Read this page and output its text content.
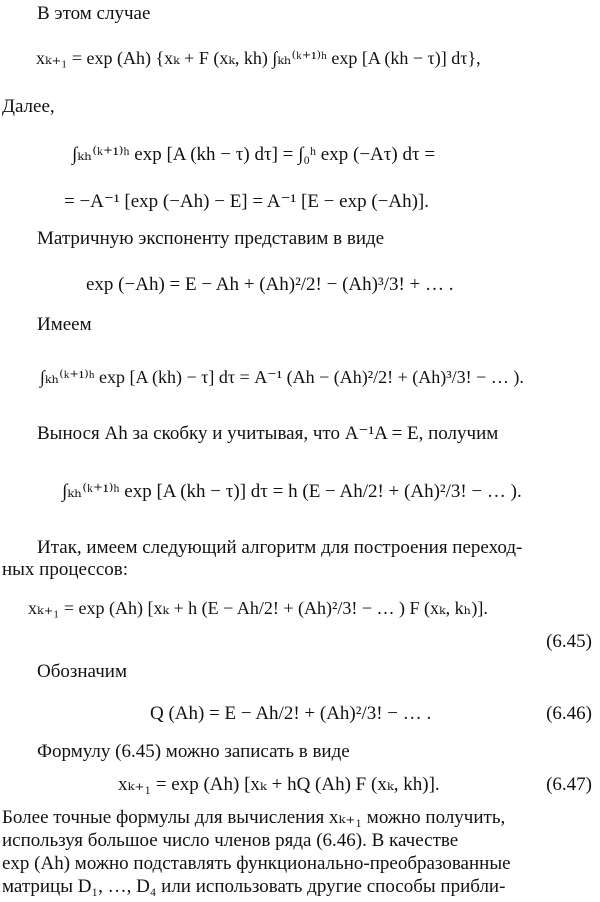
В этом случае
xₖ₊₁ = exp (Ah) {xₖ + F (xₖ, kh) ∫ₖₕ⁽ᵏ⁺¹⁾ʰ exp [A (kh − τ)] dτ},
Далее,
∫ₖₕ⁽ᵏ⁺¹⁾ʰ exp [A (kh − τ) dτ] = ∫₀ʰ exp (−Aτ) dτ =
= −A⁻¹ [exp (−Ah) − E] = A⁻¹ [E − exp (−Ah)].
Матричную экспоненту представим в виде
exp (−Ah) = E − Ah + (Ah)²/2! − (Ah)³/3! + … .
Имеем
∫ₖₕ⁽ᵏ⁺¹⁾ʰ exp [A (kh) − τ] dτ = A⁻¹ (Ah − (Ah)²/2! + (Ah)³/3! − … ).
Вынося Ah за скобку и учитывая, что A⁻¹A = E, получим
∫ₖₕ⁽ᵏ⁺¹⁾ʰ exp [A (kh − τ)] dτ = h (E − Ah/2! + (Ah)²/3! − … ).
Итак, имеем следующий алгоритм для построения переход-
ных процессов:
xₖ₊₁ = exp (Ah) [xₖ + h (E − Ah/2! + (Ah)²/3! − … ) F (xₖ, kₕ)].
(6.45)
Обозначим
Q (Ah) = E − Ah/2! + (Ah)²/3! − … .	(6.46)
Формулу (6.45) можно записать в виде
xₖ₊₁ = exp (Ah) [xₖ + hQ (Ah) F (xₖ, kh)].	(6.47)
Более точные формулы для вычисления xₖ₊₁ можно получить,
используя большое число членов ряда (6.46). В качестве
exp (Ah) можно подставлять функционально-преобразованные
матрицы D₁, …, D₄ или использовать другие способы прибли-
